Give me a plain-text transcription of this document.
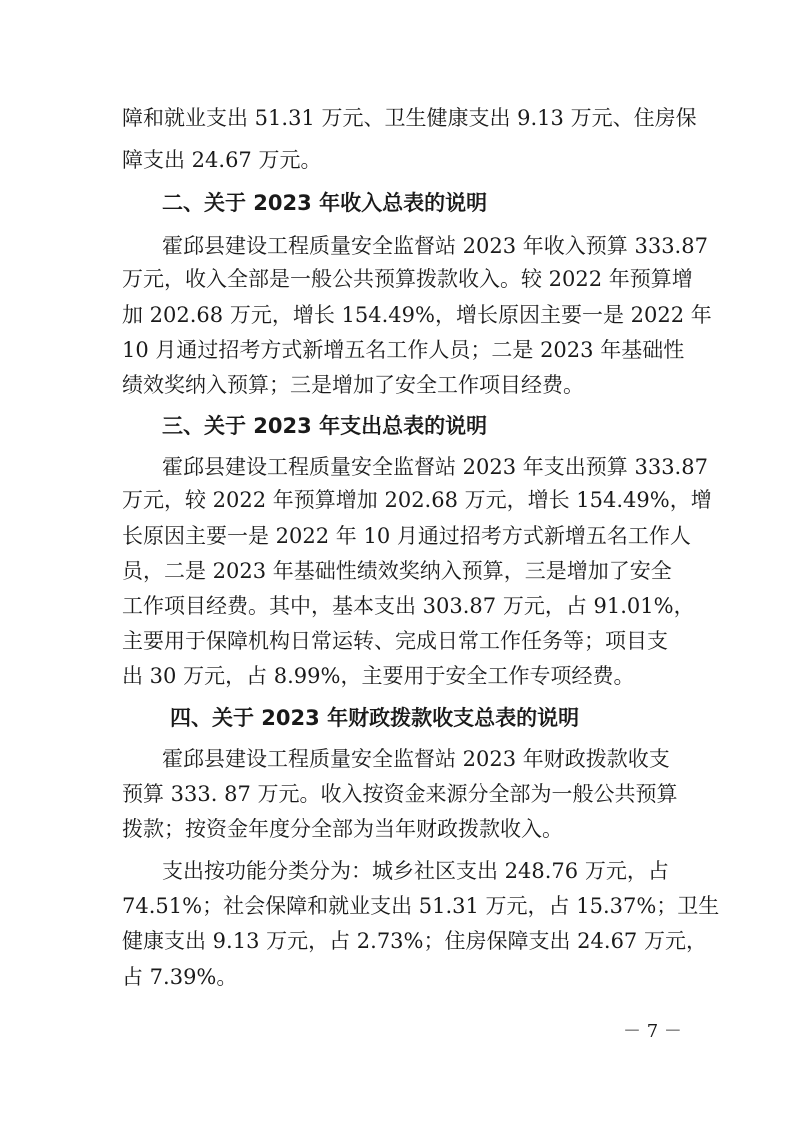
障和就业支出 51.31 万元、卫生健康支出 9.13 万元、住房保
障支出 24.67 万元。
二、关于 2023 年收入总表的说明
霍邱县建设工程质量安全监督站 2023 年收入预算 333.87
万元，收入全部是一般公共预算拨款收入。较 2022 年预算增
加 202.68 万元，增长 154.49%，增长原因主要一是 2022 年
10 月通过招考方式新增五名工作人员；二是 2023 年基础性
绩效奖纳入预算；三是增加了安全工作项目经费。
三、关于 2023 年支出总表的说明
霍邱县建设工程质量安全监督站 2023 年支出预算 333.87
万元，较 2022 年预算增加 202.68 万元，增长 154.49%，增
长原因主要一是 2022 年 10 月通过招考方式新增五名工作人
员，二是 2023 年基础性绩效奖纳入预算，三是增加了安全
工作项目经费。其中，基本支出 303.87 万元，占 91.01%，
主要用于保障机构日常运转、完成日常工作任务等；项目支
出 30 万元，占 8.99%，主要用于安全工作专项经费。
四、关于 2023 年财政拨款收支总表的说明
霍邱县建设工程质量安全监督站 2023 年财政拨款收支
预算 333. 87 万元。收入按资金来源分全部为一般公共预算
拨款；按资金年度分全部为当年财政拨款收入。
支出按功能分类分为：城乡社区支出 248.76 万元，占
74.51%；社会保障和就业支出 51.31 万元，占 15.37%；卫生
健康支出 9.13 万元，占 2.73%；住房保障支出 24.67 万元，
占 7.39%。
－ 7 －
